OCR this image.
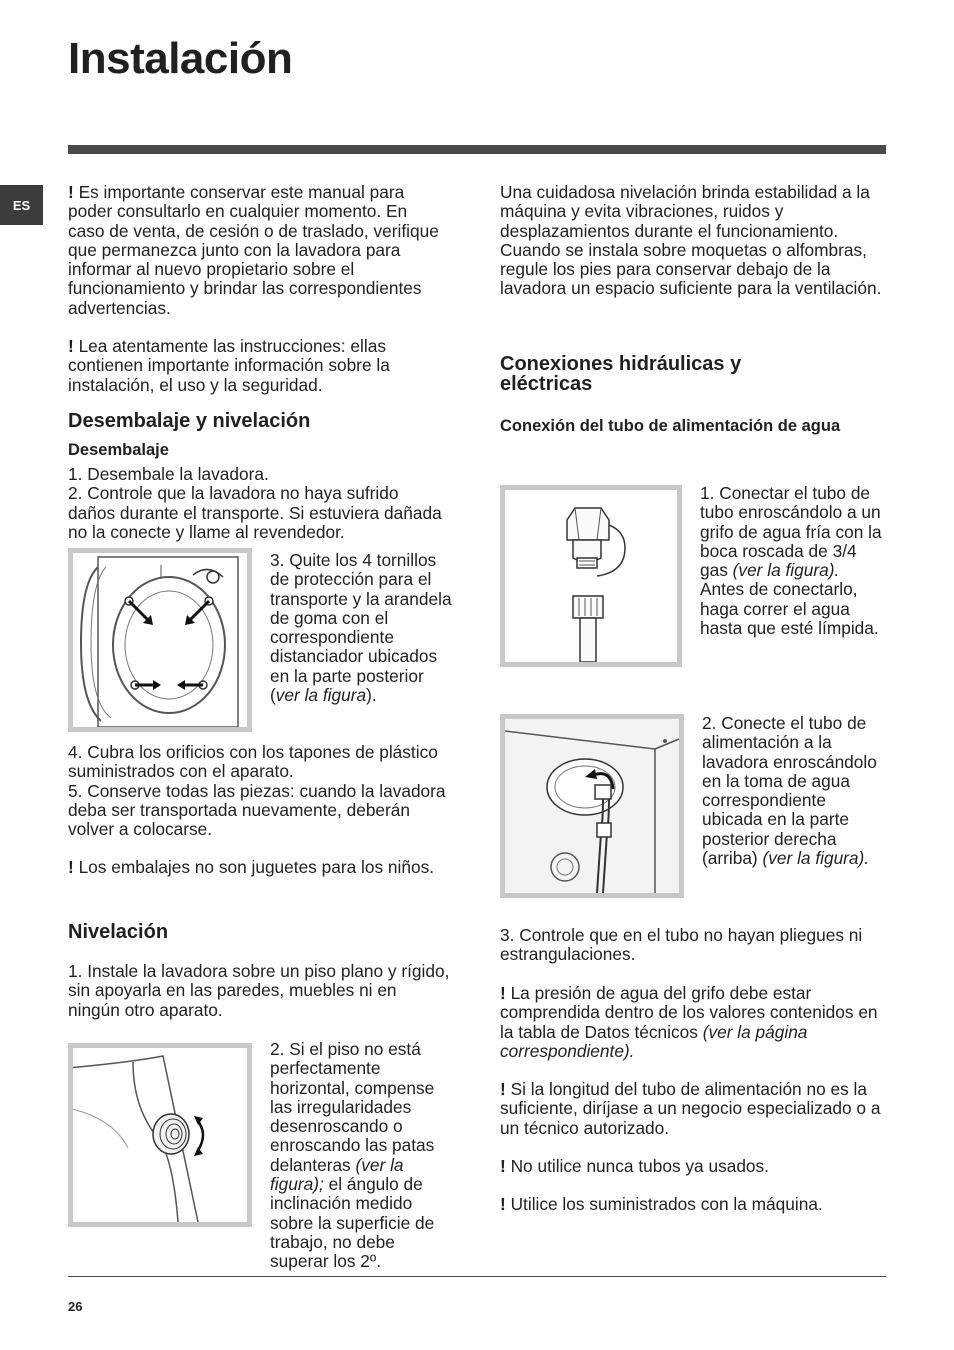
Instalación
ES

! Es importante conservar este manual para poder consultarlo en cualquier momento. En caso de venta, de cesión o de traslado, verifique que permanezca junto con la lavadora para informar al nuevo propietario sobre el funcionamiento y brindar las correspondientes advertencias.

! Lea atentamente las instrucciones: ellas contienen importante información sobre la instalación, el uso y la seguridad.

Desembalaje y nivelación
Desembalaje

1. Desembale la lavadora.
2. Controle que la lavadora no haya sufrido daños durante el transporte. Si estuviera dañada no la conecte y llame al revendedor.

3. Quite los 4 tornillos de protección para el transporte y la arandela de goma con el correspondiente distanciador ubicados en la parte posterior (ver la figura).

4. Cubra los orificios con los tapones de plástico suministrados con el aparato.
5. Conserve todas las piezas: cuando la lavadora deba ser transportada nuevamente, deberán volver a colocarse.

! Los embalajes no son juguetes para los niños.

Nivelación

1. Instale la lavadora sobre un piso plano y rígido, sin apoyarla en las paredes, muebles ni en ningún otro aparato.

2. Si el piso no está perfectamente horizontal, compense las irregularidades desenroscando o enroscando las patas delanteras (ver la figura); el ángulo de inclinación medido sobre la superficie de trabajo, no debe superar los 2º.

Una cuidadosa nivelación brinda estabilidad a la máquina y evita vibraciones, ruidos y desplazamientos durante el funcionamiento. Cuando se instala sobre moquetas o alfombras, regule los pies para conservar debajo de la lavadora un espacio suficiente para la ventilación.

Conexiones hidráulicas y eléctricas
Conexión del tubo de alimentación de agua

1. Conectar el tubo de tubo enroscándolo a un grifo de agua fría con la boca roscada de 3/4 gas (ver la figura).
Antes de conectarlo, haga correr el agua hasta que esté límpida.

2. Conecte el tubo de alimentación a la lavadora enroscándolo en la toma de agua correspondiente ubicada en la parte posterior derecha (arriba) (ver la figura).

3. Controle que en el tubo no hayan pliegues ni estrangulaciones.

! La presión de agua del grifo debe estar comprendida dentro de los valores contenidos en la tabla de Datos técnicos (ver la página correspondiente).

! Si la longitud del tubo de alimentación no es la suficiente, diríjase a un negocio especializado o a un técnico autorizado.

! No utilice nunca tubos ya usados.

! Utilice los suministrados con la máquina.

26
